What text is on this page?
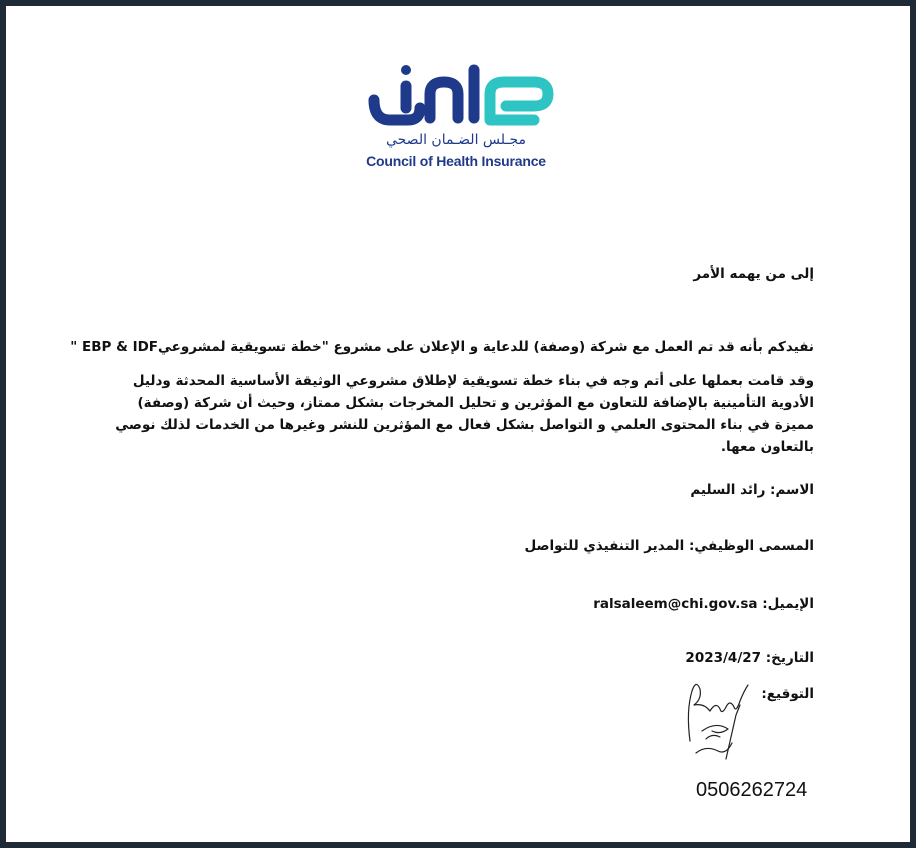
مجـلس الضـمان الصحي
Council of Health Insurance
إلى من يهمه الأمر
نفيدكم بأنه قد تم العمل مع شركة (وصفة) للدعاية و الإعلان على مشروع "خطة تسويقية لمشروعيEBP & IDF "
وقد قامت بعملها على أتم وجه في بناء خطة تسويقية لإطلاق مشروعي الوثيقة الأساسية المحدثة ودليل الأدوية التأمينية بالإضافة للتعاون مع المؤثرين و تحليل المخرجات بشكل ممتاز، وحيث أن شركة (وصفة) مميزة في بناء المحتوى العلمي و التواصل بشكل فعال مع المؤثرين للنشر وغيرها من الخدمات لذلك نوصي بالتعاون معها.
الاسم: رائد السليم
المسمى الوظيفي: المدير التنفيذي للتواصل
الإيميل: ralsaleem@chi.gov.sa
التاريخ: 2023/4/27
التوقيع:
0506262724
